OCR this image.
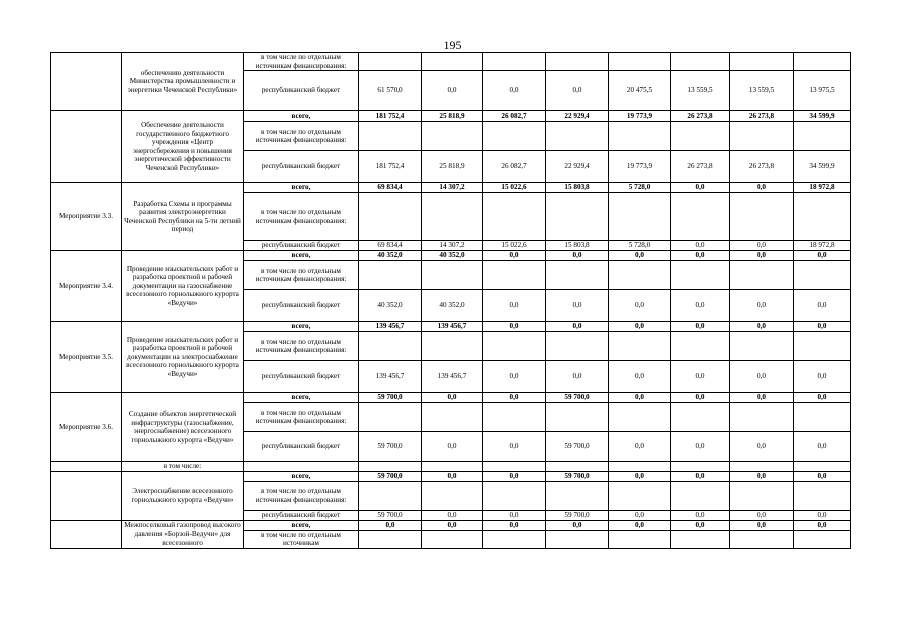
195
	обеспечению деятельности Министерства промышленности и энергетики Чеченской Республики»	в том числе по отдельным источникам финансирования:								
		республиканский бюджет	61 570,0	0,0	0,0	0,0	20 475,5	13 559,5	13 559,5	13 975,5
	Обеспечение деятельности государственного бюджетного учреждения «Центр энергосбережения и повышения энергетической эффективности Чеченской Республики»	всего,	181 752,4	25 818,9	26 082,7	22 929,4	19 773,9	26 273,8	26 273,8	34 599,9
		в том числе по отдельным источникам финансирования:								
		республиканский бюджет	181 752,4	25 818,9	26 082,7	22 929,4	19 773,9	26 273,8	26 273,8	34 599,9
Мероприятие 3.3.	Разработка Схемы и программы развития электроэнергетики Чеченской Республики на 5-ти летний период	всего,	69 834,4	14 307,2	15 022,6	15 803,8	5 728,0	0,0	0,0	18 972,8
		в том числе по отдельным источникам финансирования:								
		республиканский бюджет	69 834,4	14 307,2	15 022,6	15 803,8	5 728,0	0,0	0,0	18 972,8
Мероприятие 3.4.	Проведение изыскательских работ и разработка проектной и рабочей документации на газоснабжение всесезонного горнолыжного курорта «Ведучи»	всего,	40 352,0	40 352,0	0,0	0,0	0,0	0,0	0,0	0,0
		в том числе по отдельным источникам финансирования:								
		республиканский бюджет	40 352,0	40 352,0	0,0	0,0	0,0	0,0	0,0	0,0
Мероприятие 3.5.	Проведение изыскательских работ и разработка проектной и рабочей документации на электроснабжение всесезонного горнолыжного курорта «Ведучи»	всего,	139 456,7	139 456,7	0,0	0,0	0,0	0,0	0,0	0,0
		в том числе по отдельным источникам финансирования:								
		республиканский бюджет	139 456,7	139 456,7	0,0	0,0	0,0	0,0	0,0	0,0
Мероприятие 3.6.	Создание объектов энергетической инфраструктуры (газоснабжение, энергоснабжение) всесезонного горнолыжного курорта «Ведучи»	всего,	59 700,0	0,0	0,0	59 700,0	0,0	0,0	0,0	0,0
		в том числе по отдельным источникам финансирования:								
		республиканский бюджет	59 700,0	0,0	0,0	59 700,0	0,0	0,0	0,0	0,0
	в том числе:									
	Электроснабжение всесезонного горнолыжного курорта «Ведучи»	всего,	59 700,0	0,0	0,0	59 700,0	0,0	0,0	0,0	0,0
		в том числе по отдельным источникам финансирования:								
		республиканский бюджет	59 700,0	0,0	0,0	59 700,0	0,0	0,0	0,0	0,0
	Межпоселковый газопровод высокого давления «Борзой-Ведучи» для всесезонного	всего,	0,0	0,0	0,0	0,0	0,0	0,0	0,0	0,0
		в том числе по отдельным источникам								
